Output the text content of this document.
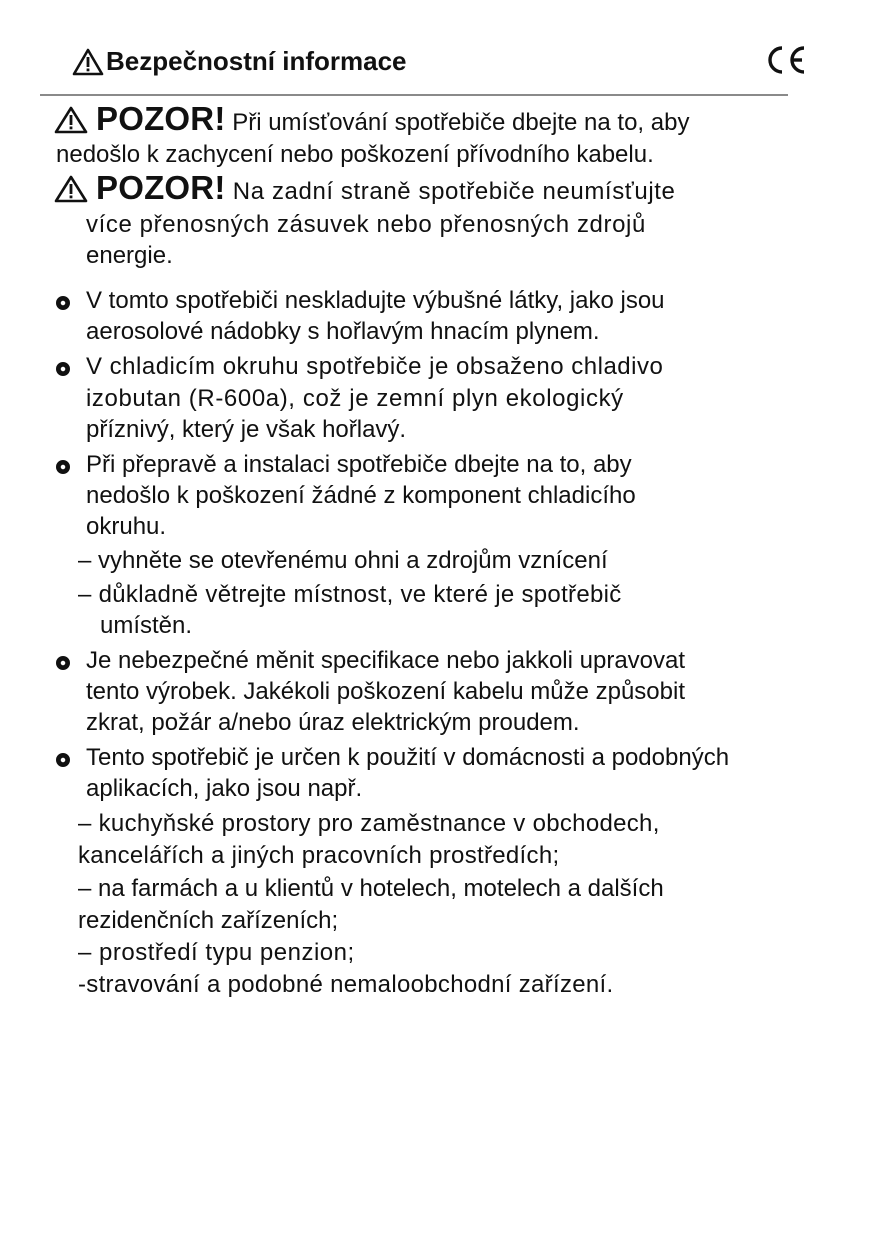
Bezpečnostní informace
POZOR! Při umísťování spotřebiče dbejte na to, aby
nedošlo k zachycení nebo poškození přívodního kabelu.
POZOR! Na zadní straně spotřebiče neumísťujte
více přenosných zásuvek nebo přenosných zdrojů
energie.
V tomto spotřebiči neskladujte výbušné látky, jako jsou
aerosolové nádobky s hořlavým hnacím plynem.
V chladicím okruhu spotřebiče je obsaženo chladivo
izobutan (R-600a), což je zemní plyn ekologický
příznivý, který je však hořlavý.
Při přepravě a instalaci spotřebiče dbejte na to, aby
nedošlo k poškození žádné z komponent chladicího
okruhu.
– vyhněte se otevřenému ohni a zdrojům vznícení
– důkladně větrejte místnost, ve které je spotřebič
umístěn.
Je nebezpečné měnit specifikace nebo jakkoli upravovat
tento výrobek. Jakékoli poškození kabelu může způsobit
zkrat, požár a/nebo úraz elektrickým proudem.
Tento spotřebič je určen k použití v domácnosti a podobných
aplikacích, jako jsou např.
– kuchyňské prostory pro zaměstnance v obchodech,
kancelářích a jiných pracovních prostředích;
– na farmách a u klientů v hotelech, motelech a dalších
rezidenčních zařízeních;
– prostředí typu penzion;
-stravování a podobné nemaloobchodní zařízení.
